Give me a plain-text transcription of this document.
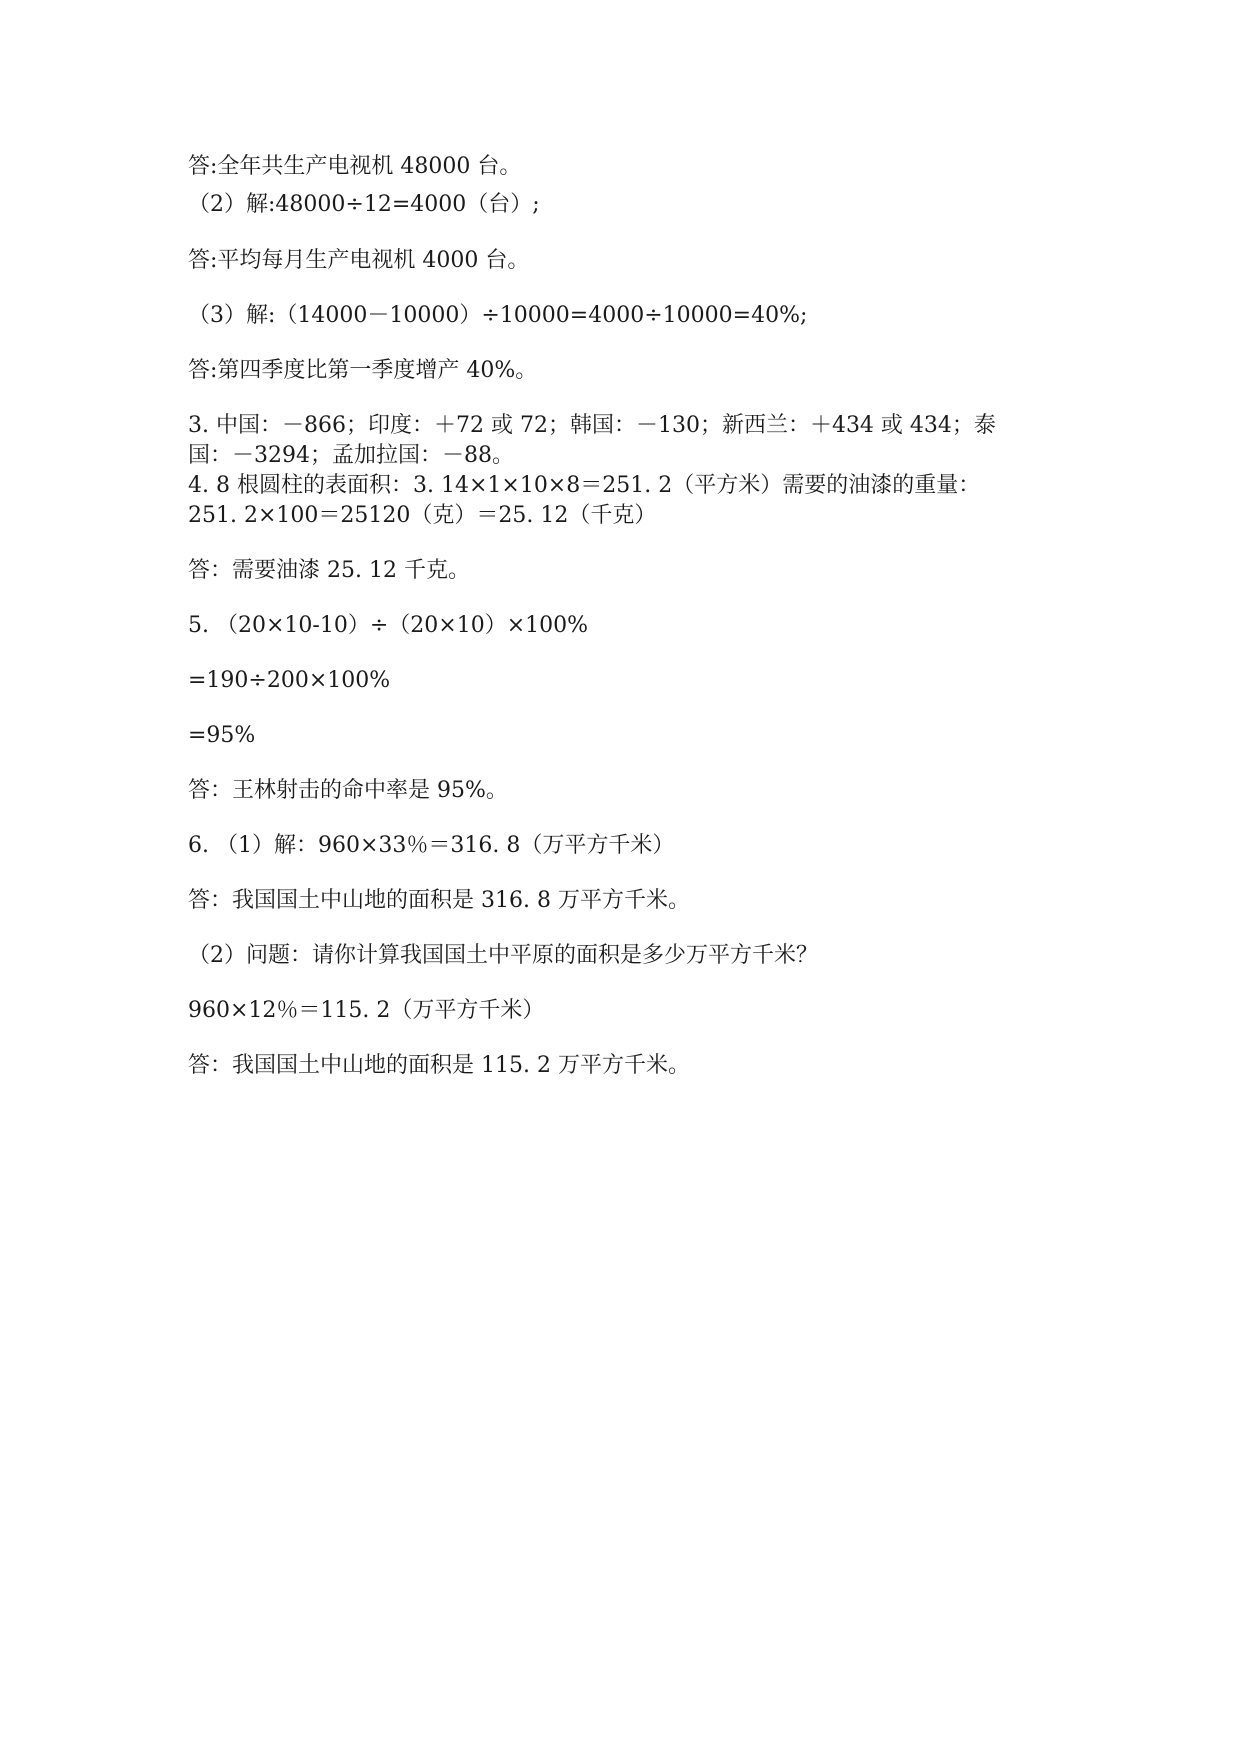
答:全年共生产电视机 48000 台。
（2）解:48000÷12=4000（台）;
答:平均每月生产电视机 4000 台。
（3）解:（14000－10000）÷10000=4000÷10000=40%;
答:第四季度比第一季度增产 40%。
3. 中国：－866；印度：＋72 或 72；韩国：－130；新西兰：＋434 或 434；泰
国：－3294；孟加拉国：－88。
4. 8 根圆柱的表面积：3. 14×1×10×8＝251. 2（平方米）需要的油漆的重量：
251. 2×100＝25120（克）＝25. 12（千克）
答：需要油漆 25. 12 千克。
5. （20×10-10）÷（20×10）×100%
=190÷200×100%
=95%
答：王林射击的命中率是 95%。
6. （1）解：960×33％＝316. 8（万平方千米）
答：我国国土中山地的面积是 316. 8 万平方千米。
（2）问题：请你计算我国国土中平原的面积是多少万平方千米？
960×12％＝115. 2（万平方千米）
答：我国国土中山地的面积是 115. 2 万平方千米。
